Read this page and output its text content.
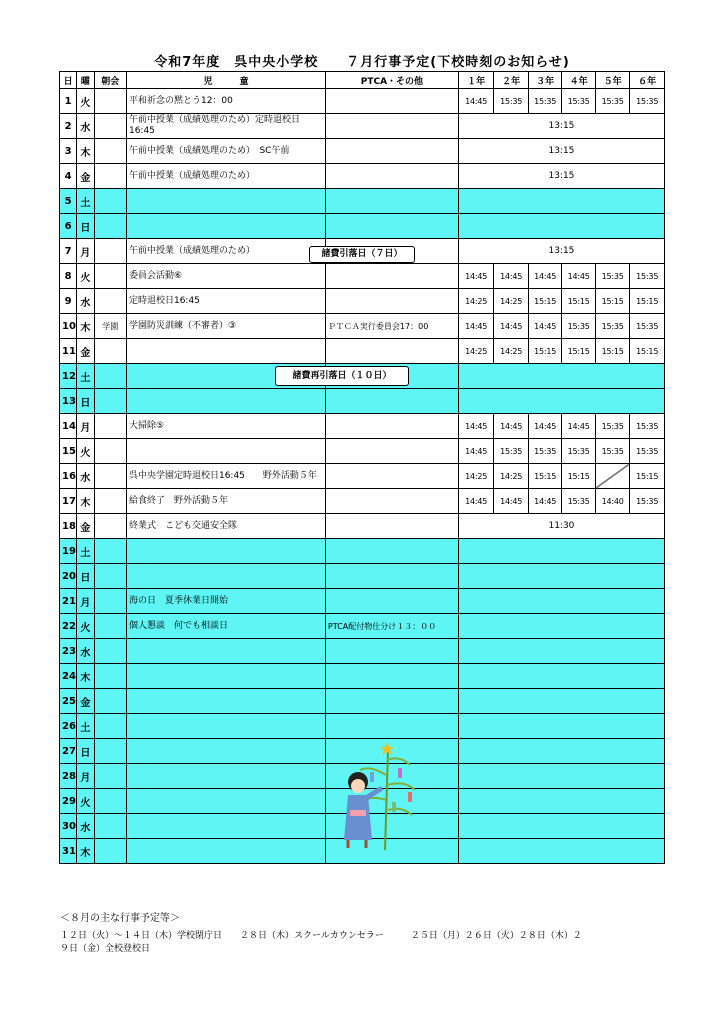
令和7年度　呉中央小学校　　７月行事予定(下校時刻のお知らせ)
日	曜	朝会	児　　　童	PTCA・その他	１年	２年	３年	４年	５年	６年
1	火		平和祈念の黙とう12：00		14:45	15:35	15:35	15:35	15:35	15:35
2	水		午前中授業（成績処理のため）定時退校日16:45		13:15					
3	木		午前中授業（成績処理のため）　SC午前		13:15					
4	金		午前中授業（成績処理のため）		13:15					
5	土									
6	日									
7	月		午前中授業（成績処理のため）		13:15					
8	火		委員会活動⑥		14:45	14:45	14:45	14:45	15:35	15:35
9	水		定時退校日16:45		14:25	14:25	15:15	15:15	15:15	15:15
10	木	学園	学園防災訓練（不審者）③	ＰＴＣＡ実行委員会17：00	14:45	14:45	14:45	15:35	15:35	15:35
11	金				14:25	14:25	15:15	15:15	15:15	15:15
12	土									
13	日									
14	月		大掃除⑤		14:45	14:45	14:45	14:45	15:35	15:35
15	火				14:45	15:35	15:35	15:35	15:35	15:35
16	水		呉中央学園定時退校日16:45　　野外活動５年		14:25	14:25	15:15	15:15		15:15
17	木		給食終了　野外活動５年		14:45	14:45	14:45	15:35	14:40	15:35
18	金		終業式　こども交通安全隊		11:30					
19	土									
20	日									
21	月		海の日　夏季休業日開始							
22	火		個人懇談　何でも相談日	PTCA配付物仕分け１３：００						
23	水									
24	木									
25	金									
26	土									
27	日									
28	月									
29	火									
30	水									
31	木									
諸費引落日（７日）
諸費再引落日（１０日）
＜８月の主な行事予定等＞
１２日（火）～１４日（木）学校閉庁日　　２８日（木）スクールカウンセラー　　　２５日（月）２６日（火）２８日（木）２
９日（金）全校登校日
